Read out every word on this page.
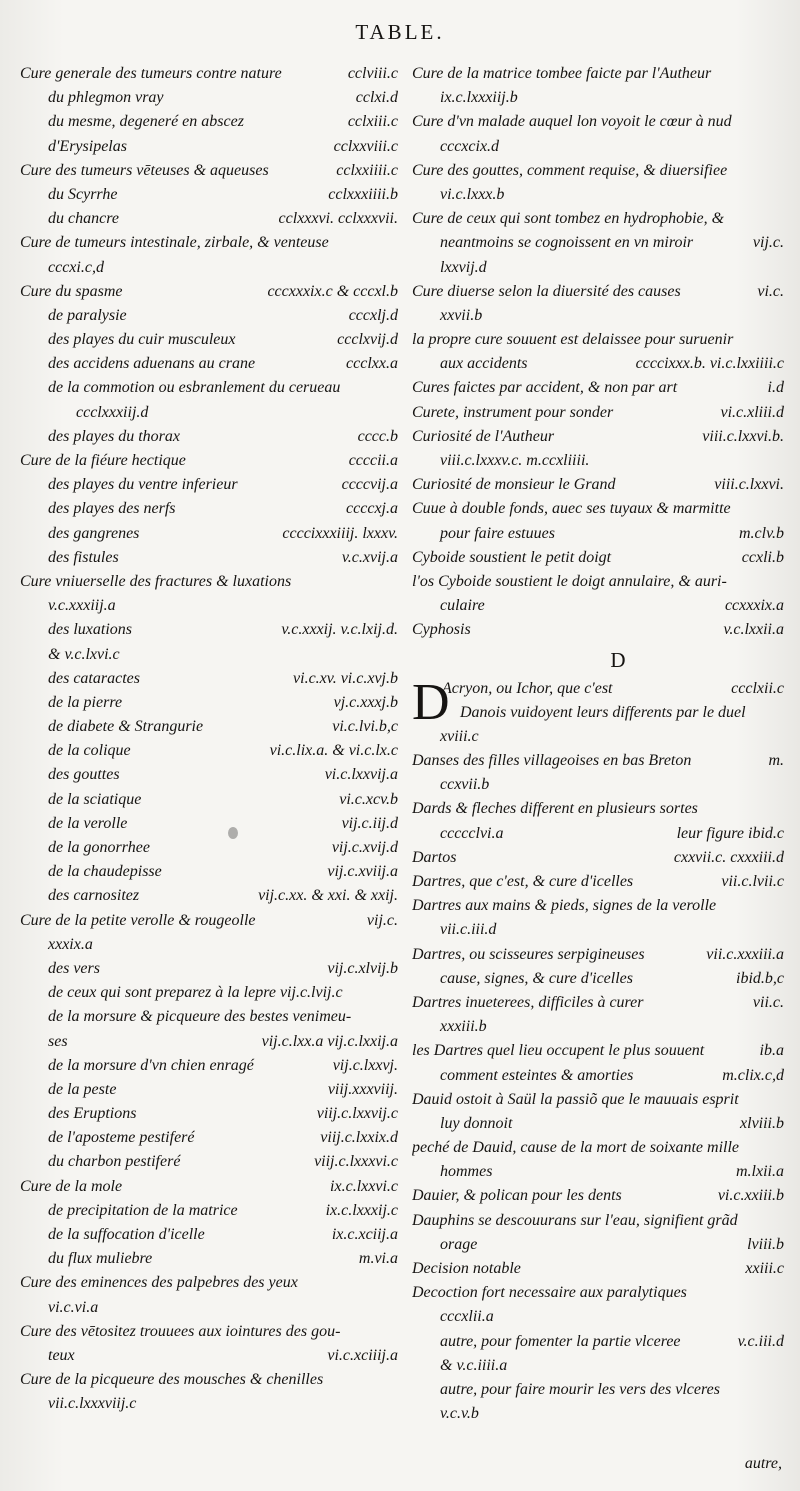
TABLE.
Cure generale des tumeurs contre nature	cclviii.c
du phlegmon vray	cclxi.d
du mesme, degeneré en abscez	cclxiii.c
d'Erysipelas	cclxxviii.c
Cure des tumeurs vēteuses & aqueuses	cclxxiiii.c
du Scyrrhe	cclxxxiiii.b
du chancre	cclxxxvi. cclxxxvii.
Cure de tumeurs intestinale, zirbale, & venteuse
cccxi.c,d
Cure du spasme	cccxxxix.c & cccxl.b
de paralysie	cccxlj.d
des playes du cuir musculeux	ccclxvij.d
des accidens aduenans au crane	ccclxx.a
de la commotion ou esbranlement du cerueau
ccclxxxiij.d
des playes du thorax	cccc.b
Cure de la fiéure hectique	ccccii.a
des playes du ventre inferieur	ccccvij.a
des playes des nerfs	ccccxj.a
des gangrenes	ccccixxxiiij. lxxxv.
des fistules	v.c.xvij.a
Cure vniuerselle des fractures & luxations
v.c.xxxiij.a
des luxations	v.c.xxxij. v.c.lxij.d.
& v.c.lxvi.c
des cataractes	vi.c.xv. vi.c.xvj.b
de la pierre	vj.c.xxxj.b
de diabete & Strangurie	vi.c.lvi.b,c
de la colique	vi.c.lix.a. & vi.c.lx.c
des gouttes	vi.c.lxxvij.a
de la sciatique	vi.c.xcv.b
de la verolle	vij.c.iij.d
de la gonorrhee	vij.c.xvij.d
de la chaudepisse	vij.c.xviij.a
des carnositez	vij.c.xx. & xxi. & xxij.
Cure de la petite verolle & rougeolle	vij.c.
xxxix.a
des vers	vij.c.xlvij.b
de ceux qui sont preparez à la lepre vij.c.lvij.c
de la morsure & picqueure des bestes venimeu-
ses	vij.c.lxx.a vij.c.lxxij.a
de la morsure d'vn chien enragé	vij.c.lxxvj.
de la peste	viij.xxxviij.
des Eruptions	viij.c.lxxvij.c
de l'aposteme pestiferé	viij.c.lxxix.d
du charbon pestiferé	viij.c.lxxxvi.c
Cure de la mole	ix.c.lxxvi.c
de precipitation de la matrice	ix.c.lxxxij.c
de la suffocation d'icelle	ix.c.xciij.a
du flux muliebre	m.vi.a
Cure des eminences des palpebres des yeux
vi.c.vi.a
Cure des vētositez trouuees aux iointures des gou-
teux	vi.c.xciiij.a
Cure de la picqueure des mousches & chenilles
vii.c.lxxxviij.c
Cure de la matrice tombee faicte par l'Autheur
ix.c.lxxxiij.b
Cure d'vn malade auquel lon voyoit le cœur à nud
cccxcix.d
Cure des gouttes, comment requise, & diuersifiee
vi.c.lxxx.b
Cure de ceux qui sont tombez en hydrophobie, &
neantmoins se cognoissent en vn miroir	vij.c.
lxxvij.d
Cure diuerse selon la diuersité des causes	vi.c.
xxvii.b
la propre cure souuent est delaissee pour suruenir
aux accidents	ccccixxx.b. vi.c.lxxiiii.c
Cures faictes par accident, & non par art	i.d
Curete, instrument pour sonder	vi.c.xliii.d
Curiosité de l'Autheur	viii.c.lxxvi.b.
viii.c.lxxxv.c. m.ccxliiii.
Curiosité de monsieur le Grand	viii.c.lxxvi.
Cuue à double fonds, auec ses tuyaux & marmitte
pour faire estuues	m.clv.b
Cyboide soustient le petit doigt	ccxli.b
l'os Cyboide soustient le doigt annulaire, & auri-
culaire	ccxxxix.a
Cyphosis	v.c.lxxii.a
D
D
Acryon, ou Ichor, que c'est	ccclxii.c
Danois vuidoyent leurs differents par le duel
xviii.c
Danses des filles villageoises en bas Breton	m.
ccxvii.b
Dards & fleches different en plusieurs sortes
ccccclvi.a	leur figure ibid.c
Dartos	cxxvii.c. cxxxiii.d
Dartres, que c'est, & cure d'icelles	vii.c.lvii.c
Dartres aux mains & pieds, signes de la verolle
vii.c.iii.d
Dartres, ou scisseures serpigineuses	vii.c.xxxiii.a
cause, signes, & cure d'icelles	ibid.b,c
Dartres inueterees, difficiles à curer	vii.c.
xxxiii.b
les Dartres quel lieu occupent le plus souuent	ib.a
comment esteintes & amorties	m.clix.c,d
Dauid ostoit à Saül la passiõ que le mauuais esprit
luy donnoit	xlviii.b
peché de Dauid, cause de la mort de soixante mille
hommes	m.lxii.a
Dauier, & polican pour les dents	vi.c.xxiii.b
Dauphins se descouurans sur l'eau, signifient grãd
orage	lviii.b
Decision notable	xxiii.c
Decoction fort necessaire aux paralytiques
cccxlii.a
autre, pour fomenter la partie vlceree	v.c.iii.d
& v.c.iiii.a
autre, pour faire mourir les vers des vlceres
v.c.v.b
autre,
